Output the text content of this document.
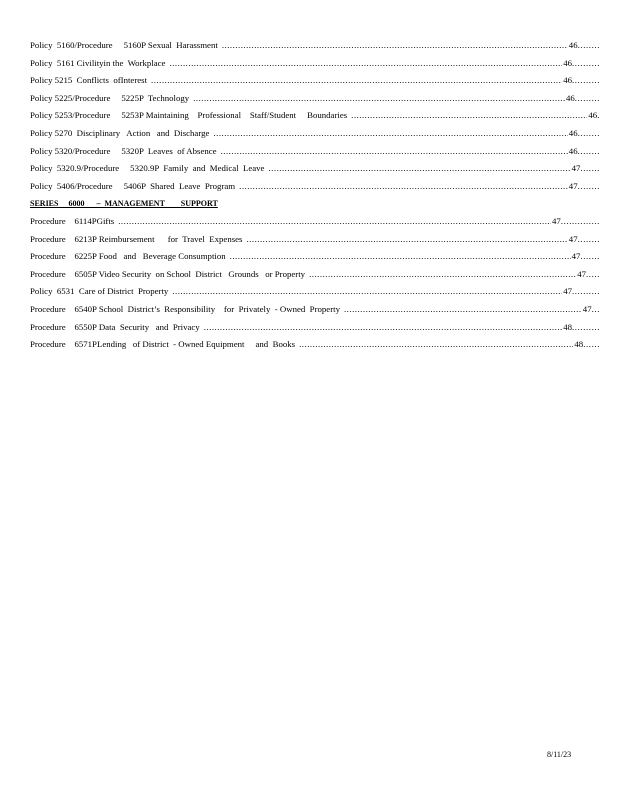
Policy  5160/Procedure     5160P Sexual  Harassment .....	46 ........
Policy  5161 Civilityin the  Workplace .....	46 ..........
Policy 5215  Conflicts  ofInterest .....	46 ..........
Policy 5225/Procedure     5225P  Technology .....	46 .........
Policy 5253/Procedure     5253P Maintaining    Professional    Staff/Student     Boundaries .....	46 .
Policy 5270  Disciplinary   Action   and  Discharge .....	46 ........
Policy 5320/Procedure     5320P  Leaves  of Absence .....	46 ........
Policy  5320.9/Procedure     5320.9P  Family  and  Medical  Leave .....	47 .......
Policy  5406/Procedure     5406P  Shared  Leave  Program .....	47 ........
SERIES     6000      –  MANAGEMENT        SUPPORT
Procedure    6114PGifts .....	47 ..............
Procedure    6213P Reimbursement      for  Travel  Expenses .....	47 ........
Procedure    6225P Food   and   Beverage Consumption .....	47 .......
Procedure    6505P Video Security  on School  District   Grounds   or Property .....	47 .....
Policy  6531  Care of District  Property .....	47 ..........
Procedure    6540P School  District’s  Responsibility    for  Privately  - Owned  Property .....	47 ...
Procedure    6550P Data  Security   and  Privacy .....	48 ..........
Procedure    6571PLending   of District  - Owned Equipment     and  Books .....	48 ......
8/11/23
